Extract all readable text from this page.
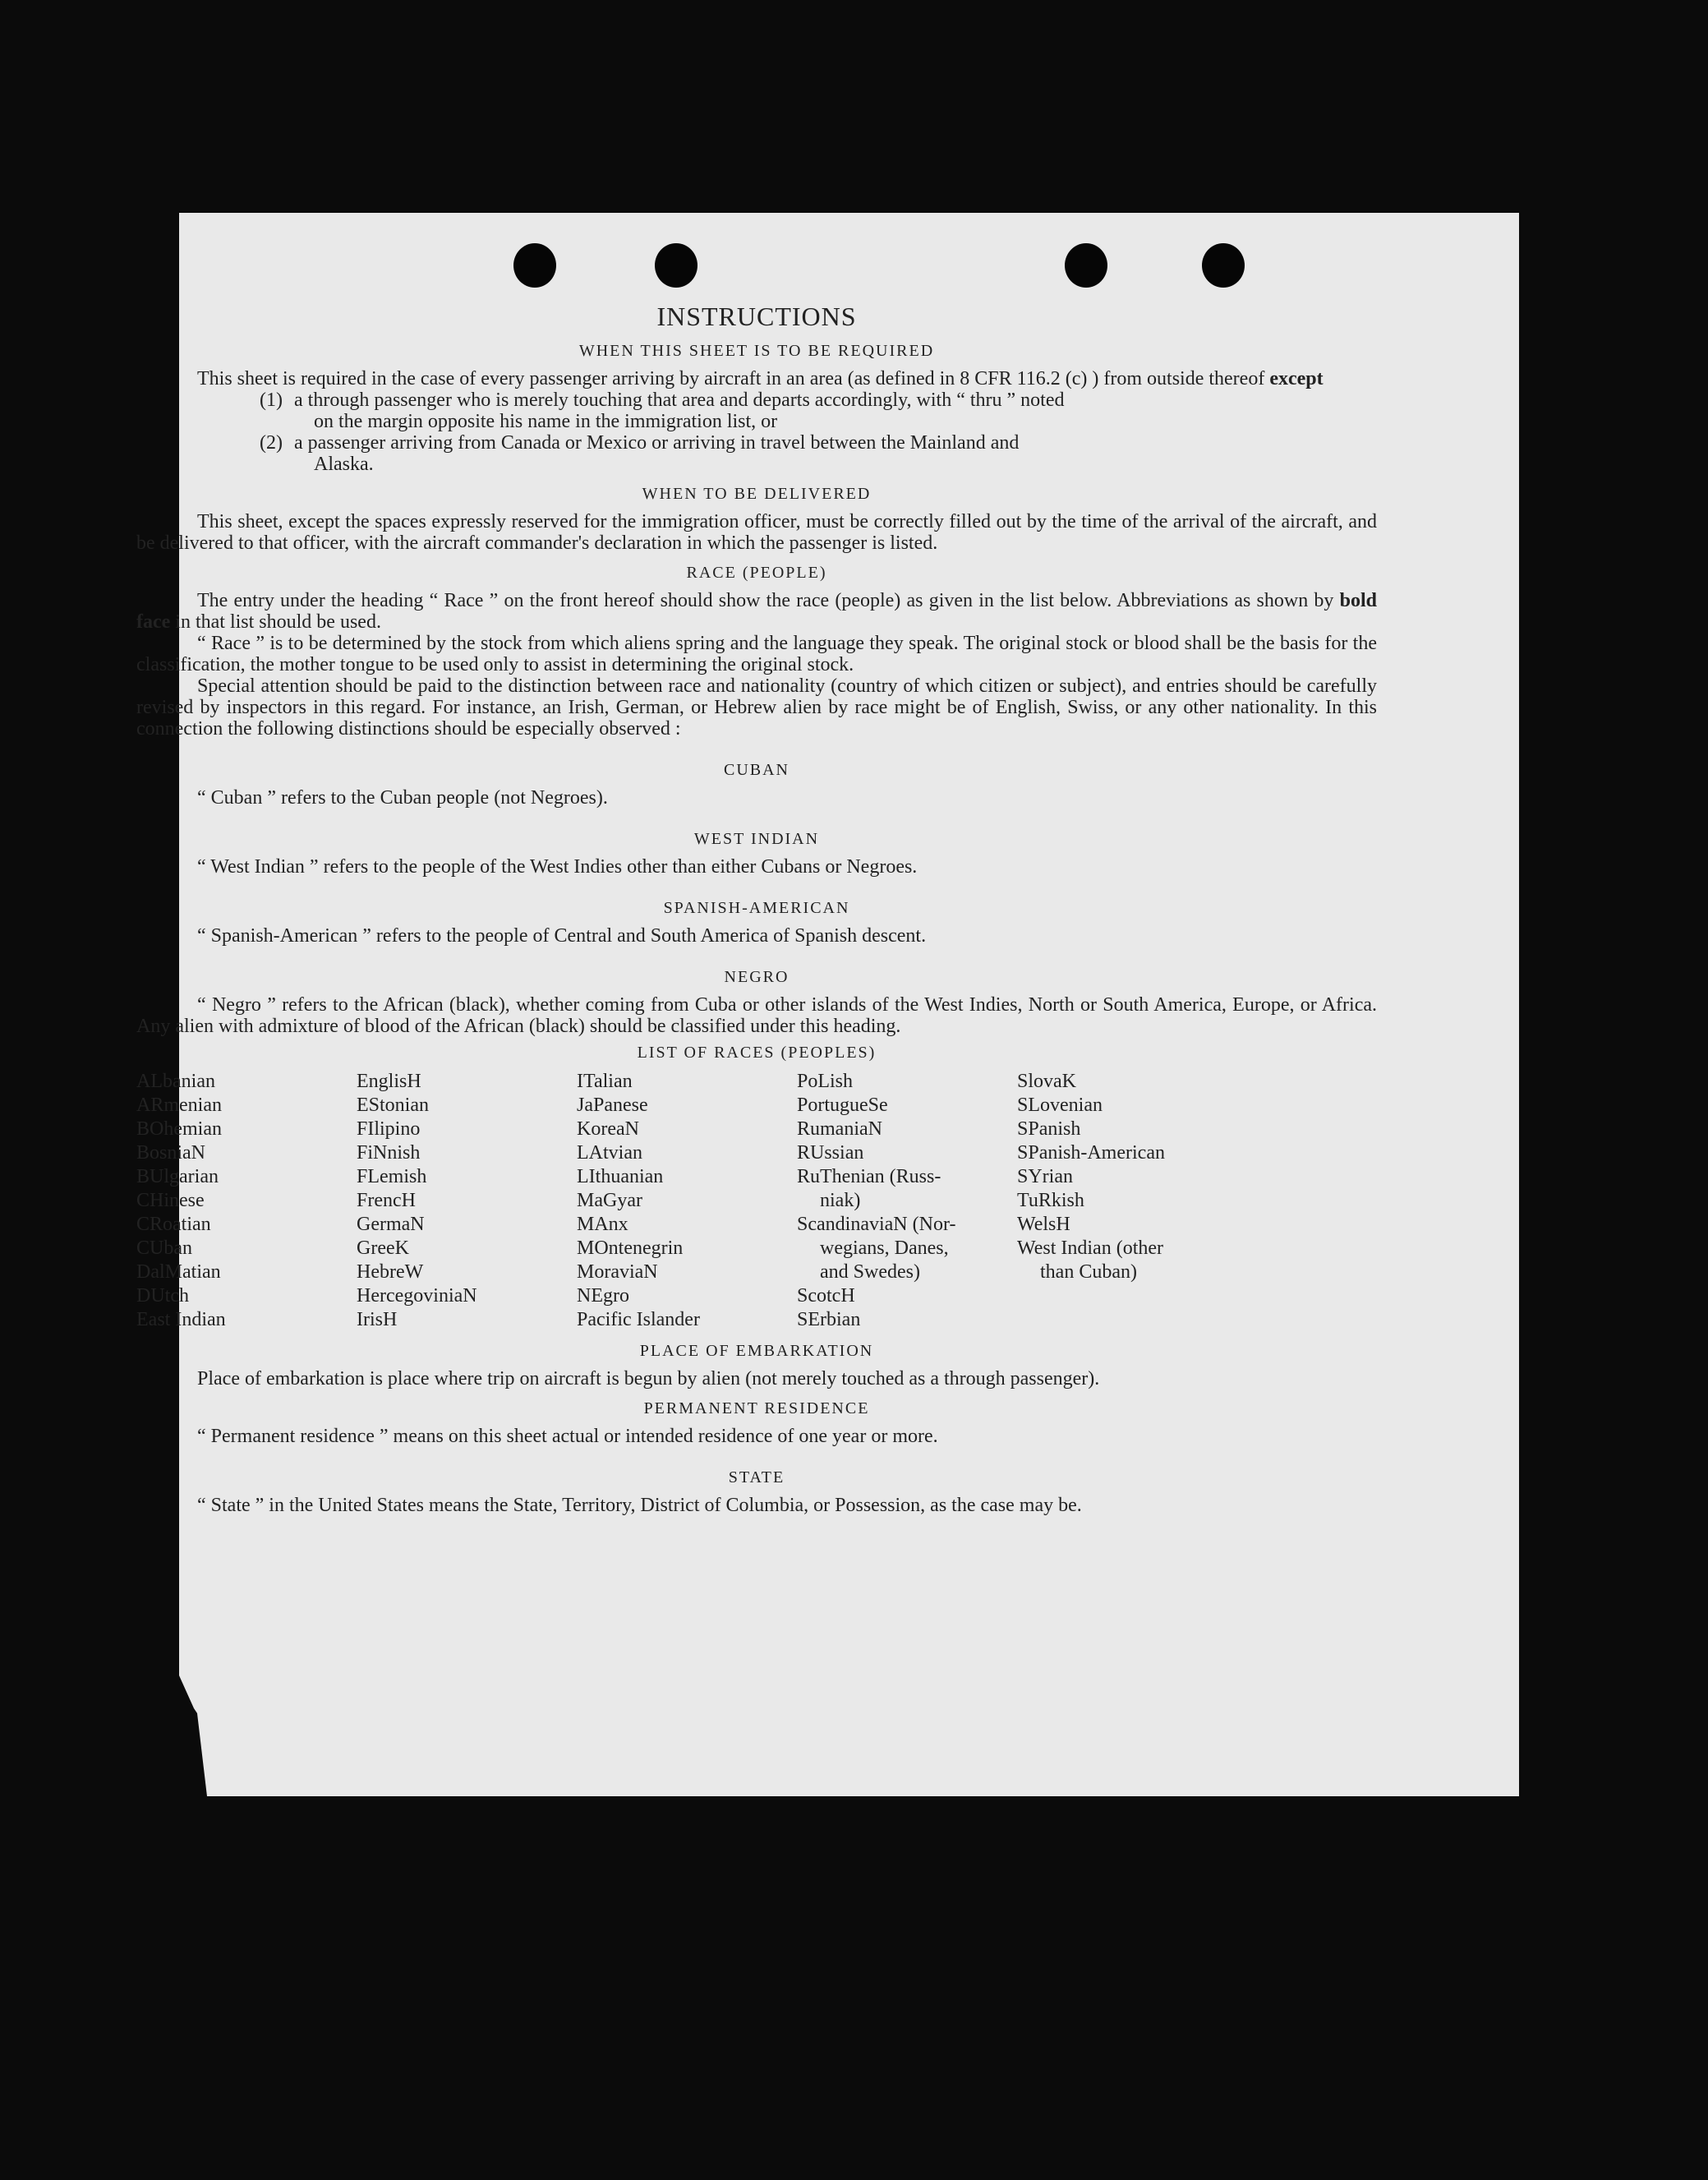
INSTRUCTIONS
WHEN THIS SHEET IS TO BE REQUIRED

This sheet is required in the case of every passenger arriving by aircraft in an area (as defined in 8 CFR 116.2 (c) ) from outside thereof except

(1) a through passenger who is merely touching that area and departs accordingly, with “ thru ” noted
on the margin opposite his name in the immigration list, or
(2) a passenger arriving from Canada or Mexico or arriving in travel between the Mainland and
Alaska.
WHEN TO BE DELIVERED

This sheet, except the spaces expressly reserved for the immigration officer, must be correctly filled out by the time of the arrival of the aircraft, and be delivered to that officer, with the aircraft commander's declaration in which the passenger is listed.

RACE (PEOPLE)

The entry under the heading “ Race ” on the front hereof should show the race (people) as given in the list below. Abbreviations as shown by bold face in that list should be used.

“ Race ” is to be determined by the stock from which aliens spring and the language they speak. The original stock or blood shall be the basis for the classification, the mother tongue to be used only to assist in determining the original stock.

Special attention should be paid to the distinction between race and nationality (country of which citizen or subject), and entries should be carefully revised by inspectors in this regard. For instance, an Irish, German, or Hebrew alien by race might be of English, Swiss, or any other nationality. In this connection the following distinctions should be especially observed :

CUBAN

“ Cuban ” refers to the Cuban people (not Negroes).

WEST INDIAN

“ West Indian ” refers to the people of the West Indies other than either Cubans or Negroes.

SPANISH-AMERICAN

“ Spanish-American ” refers to the people of Central and South America of Spanish descent.

NEGRO

“ Negro ” refers to the African (black), whether coming from Cuba or other islands of the West Indies, North or South America, Europe, or Africa. Any alien with admixture of blood of the African (black) should be classified under this heading.

LIST OF RACES (PEOPLES)
ALbanian
ARmenian
BOhemian
BosniaN
BUlgarian
CHinese
CRoatian
CUban
DalMatian
DUtch
East Indian
EnglisH
EStonian
FIlipino
FiNnish
FLemish
FrencH
GermaN
GreeK
HebreW
HercegoviniaN
IrisH
ITalian
JaPanese
KoreaN
LAtvian
LIthuanian
MaGyar
MAnx
MOntenegrin
MoraviaN
NEgro
Pacific Islander
PoLish
PortugueSe
RumaniaN
RUssian
RuThenian (Russ-
niak)
ScandinaviaN (Nor-
wegians, Danes,
and Swedes)
ScotcH
SErbian
SlovaK
SLovenian
SPanish
SPanish-American
SYrian
TuRkish
WelsH
West Indian (other
than Cuban)
PLACE OF EMBARKATION

Place of embarkation is place where trip on aircraft is begun by alien (not merely touched as a through passenger).

PERMANENT RESIDENCE

“ Permanent residence ” means on this sheet actual or intended residence of one year or more.

STATE

“ State ” in the United States means the State, Territory, District of Columbia, or Possession, as the case may be.
